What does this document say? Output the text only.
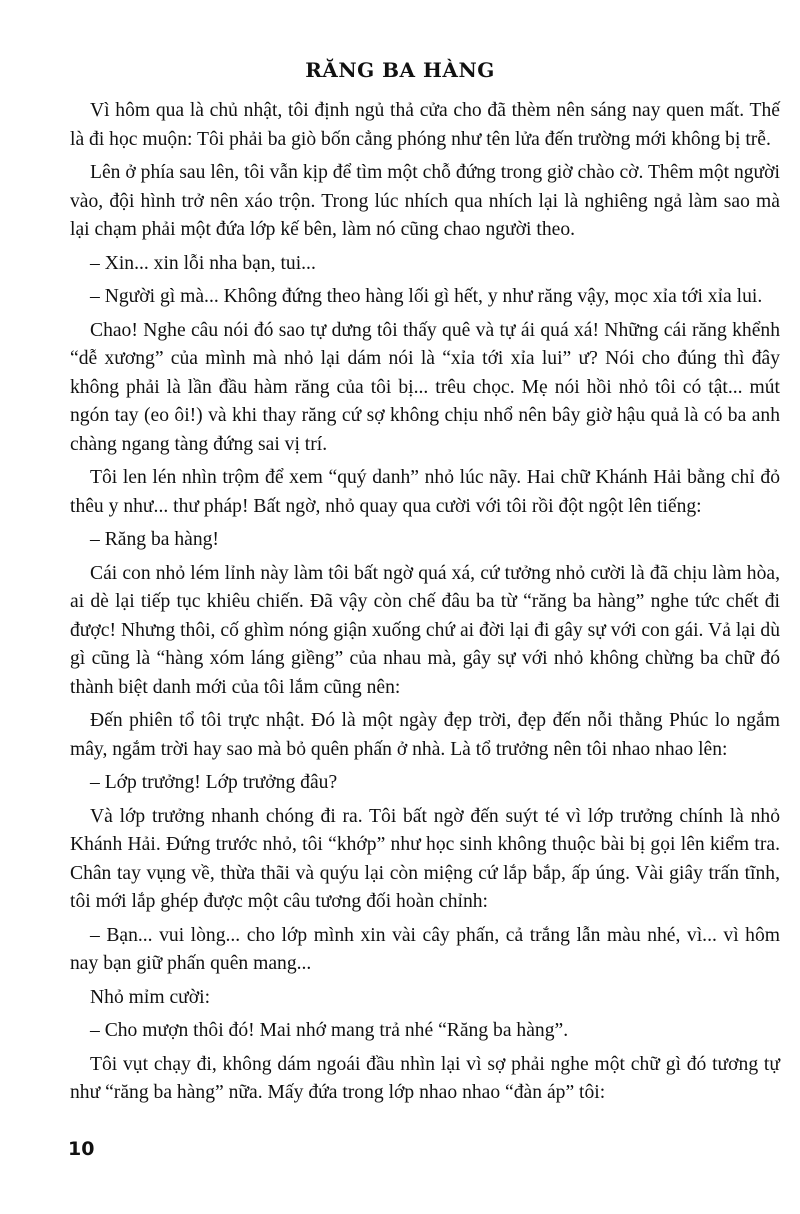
RĂNG BA HÀNG

Vì hôm qua là chủ nhật, tôi định ngủ thả cửa cho đã thèm nên sáng nay quen mất. Thế là đi học muộn: Tôi phải ba giò bốn cẳng phóng như tên lửa đến trường mới không bị trễ.

Lên ở phía sau lên, tôi vẫn kịp để tìm một chỗ đứng trong giờ chào cờ. Thêm một người vào, đội hình trở nên xáo trộn. Trong lúc nhích qua nhích lại là nghiêng ngả làm sao mà lại chạm phải một đứa lớp kế bên, làm nó cũng chao người theo.

– Xin... xin lỗi nha bạn, tui...

– Người gì mà... Không đứng theo hàng lối gì hết, y như răng vậy, mọc xỉa tới xỉa lui.

Chao! Nghe câu nói đó sao tự dưng tôi thấy quê và tự ái quá xá! Những cái răng khểnh “dễ xương” của mình mà nhỏ lại dám nói là “xỉa tới xỉa lui” ư? Nói cho đúng thì đây không phải là lần đầu hàm răng của tôi bị... trêu chọc. Mẹ nói hồi nhỏ tôi có tật... mút ngón tay (eo ôi!) và khi thay răng cứ sợ không chịu nhổ nên bây giờ hậu quả là có ba anh chàng ngang tàng đứng sai vị trí.

Tôi len lén nhìn trộm để xem “quý danh” nhỏ lúc nãy. Hai chữ Khánh Hải bằng chỉ đỏ thêu y như... thư pháp! Bất ngờ, nhỏ quay qua cười với tôi rồi đột ngột lên tiếng:

– Răng ba hàng!

Cái con nhỏ lém lỉnh này làm tôi bất ngờ quá xá, cứ tưởng nhỏ cười là đã chịu làm hòa, ai dè lại tiếp tục khiêu chiến. Đã vậy còn chế đâu ba từ “răng ba hàng” nghe tức chết đi được! Nhưng thôi, cố ghìm nóng giận xuống chứ ai đời lại đi gây sự với con gái. Vả lại dù gì cũng là “hàng xóm láng giềng” của nhau mà, gây sự với nhỏ không chừng ba chữ đó thành biệt danh mới của tôi lắm cũng nên:

Đến phiên tổ tôi trực nhật. Đó là một ngày đẹp trời, đẹp đến nỗi thằng Phúc lo ngắm mây, ngắm trời hay sao mà bỏ quên phấn ở nhà. Là tổ trưởng nên tôi nhao nhao lên:

– Lớp trưởng! Lớp trưởng đâu?

Và lớp trưởng nhanh chóng đi ra. Tôi bất ngờ đến suýt té vì lớp trưởng chính là nhỏ Khánh Hải. Đứng trước nhỏ, tôi “khớp” như học sinh không thuộc bài bị gọi lên kiểm tra. Chân tay vụng về, thừa thãi và quýu lại còn miệng cứ lắp bắp, ấp úng. Vài giây trấn tĩnh, tôi mới lắp ghép được một câu tương đối hoàn chỉnh:

– Bạn... vui lòng... cho lớp mình xin vài cây phấn, cả trắng lẫn màu nhé, vì... vì hôm nay bạn giữ phấn quên mang...

Nhỏ mỉm cười:

– Cho mượn thôi đó! Mai nhớ mang trả nhé “Răng ba hàng”.

Tôi vụt chạy đi, không dám ngoái đầu nhìn lại vì sợ phải nghe một chữ gì đó tương tự như “răng ba hàng” nữa. Mấy đứa trong lớp nhao nhao “đàn áp” tôi:

10
